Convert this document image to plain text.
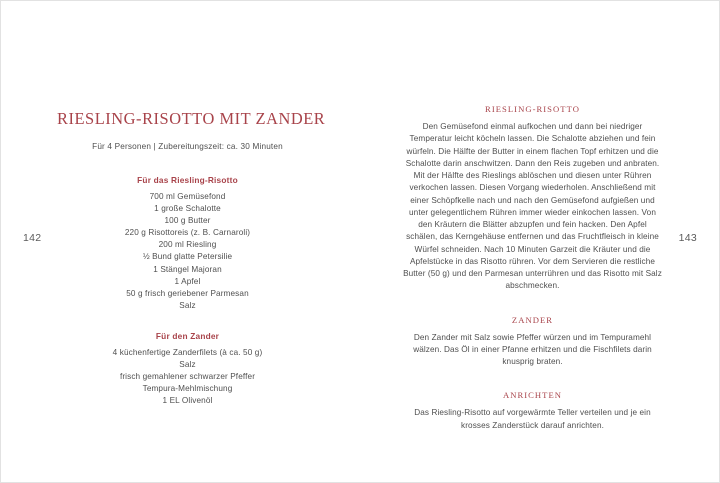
142	143
RIESLING-RISOTTO MIT ZANDER

Für 4 Personen | Zubereitungszeit: ca. 30 Minuten

Für das Riesling-Risotto
700 ml Gemüsefond
1 große Schalotte
100 g Butter
220 g Risottoreis (z. B. Carnaroli)
200 ml Riesling
½ Bund glatte Petersilie
1 Stängel Majoran
1 Apfel
50 g frisch geriebener Parmesan
Salz
Für den Zander
4 küchenfertige Zanderfilets (à ca. 50 g)
Salz
frisch gemahlener schwarzer Pfeffer
Tempura-Mehlmischung
1 EL Olivenöl
RIESLING-RISOTTO

Den Gemüsefond einmal aufkochen und dann bei niedriger Temperatur leicht köcheln lassen. Die Schalotte abziehen und fein würfeln. Die Hälfte der Butter in einem flachen Topf erhitzen und die Schalotte darin anschwitzen. Dann den Reis zugeben und anbraten. Mit der Hälfte des Rieslings ablöschen und diesen unter Rühren verkochen lassen. Diesen Vorgang wiederholen. Anschließend mit einer Schöpfkelle nach und nach den Gemüsefond aufgießen und unter gelegentlichem Rühren immer wieder einkochen lassen. Von den Kräutern die Blätter abzupfen und fein hacken. Den Apfel schälen, das Kerngehäuse entfernen und das Fruchtfleisch in kleine Würfel schneiden. Nach 10 Minuten Garzeit die Kräuter und die Apfelstücke in das Risotto rühren. Vor dem Servieren die restliche Butter (50 g) und den Parmesan unterrühren und das Risotto mit Salz abschmecken.

ZANDER

Den Zander mit Salz sowie Pfeffer würzen und im Tempuramehl wälzen. Das Öl in einer Pfanne erhitzen und die Fischfilets darin knusprig braten.

ANRICHTEN

Das Riesling-Risotto auf vorgewärmte Teller verteilen und je ein krosses Zanderstück darauf anrichten.
